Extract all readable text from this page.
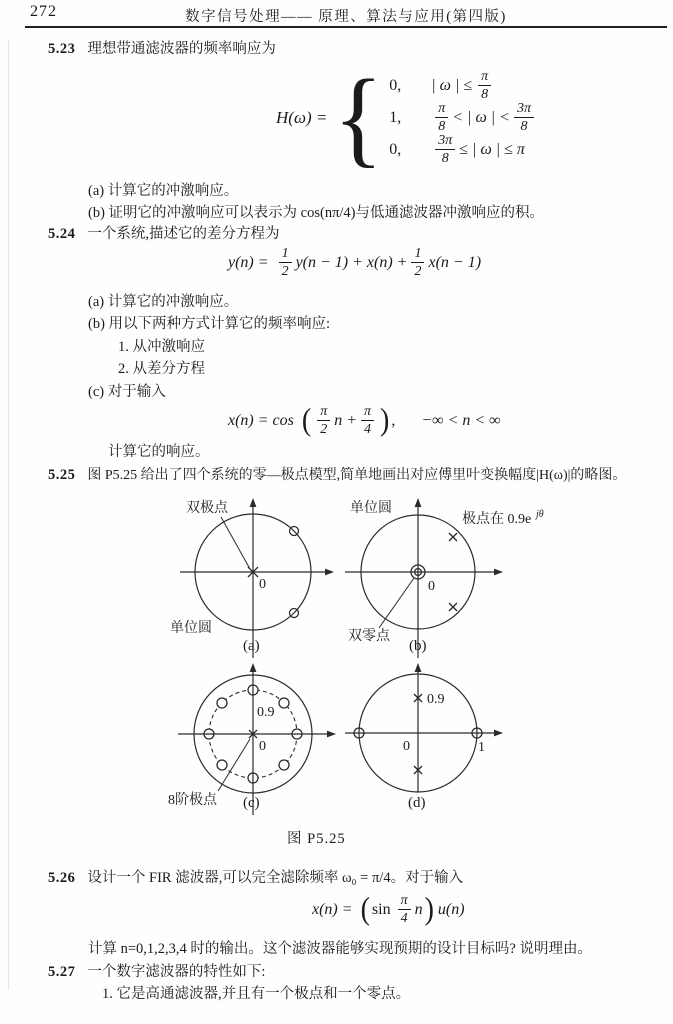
272	数字信号处理—— 原理、算法与应用(第四版)
5.23 理想带通滤波器的频率响应为
H(ω) = { 0,	| ω | ≤ $\frac{\pi}{8}$
1,	$\frac{\pi}{8}$ < | ω | < $\frac{3\pi}{8}$
0,	$\frac{3\pi}{8}$ ≤ | ω | ≤ π
(a) 计算它的冲激响应。
(b) 证明它的冲激响应可以表示为 cos(nπ/4)与低通滤波器冲激响应的积。
5.24 一个系统,描述它的差分方程为
$y(n) = \frac{1}{2} y(n - 1) + x(n) + \frac{1}{2} x(n - 1)$
(a) 计算它的冲激响应。
(b) 用以下两种方式计算它的频率响应:
1. 从冲激响应
2. 从差分方程
(c) 对于输入
x(n) = cos ( $\frac{\pi}{2}$ $n + \frac{\pi}{4}$ ) , −∞ < n < ∞
计算它的响应。
5.25 图 P5.25 给出了四个系统的零—极点模型,简单地画出对应傅里叶变换幅度|H(ω)|的略图。
双极点
单位圆
0
(a)
单位圆
极点在 0.9e jθ
双零点
0
(b)
0.9
0
8阶极点 (c)
0.9
0	1
(d)
图 P5.25
5.26 设计一个 FIR 滤波器,可以完全滤除频率 ω₀ = π/4。对于输入
x(n) = ( $\sin \frac{\pi}{4}$ n ) u(n)
计算 n=0,1,2,3,4 时的输出。这个滤波器能够实现预期的设计目标吗? 说明理由。
5.27 一个数字滤波器的特性如下:
1. 它是高通滤波器,并且有一个极点和一个零点。
